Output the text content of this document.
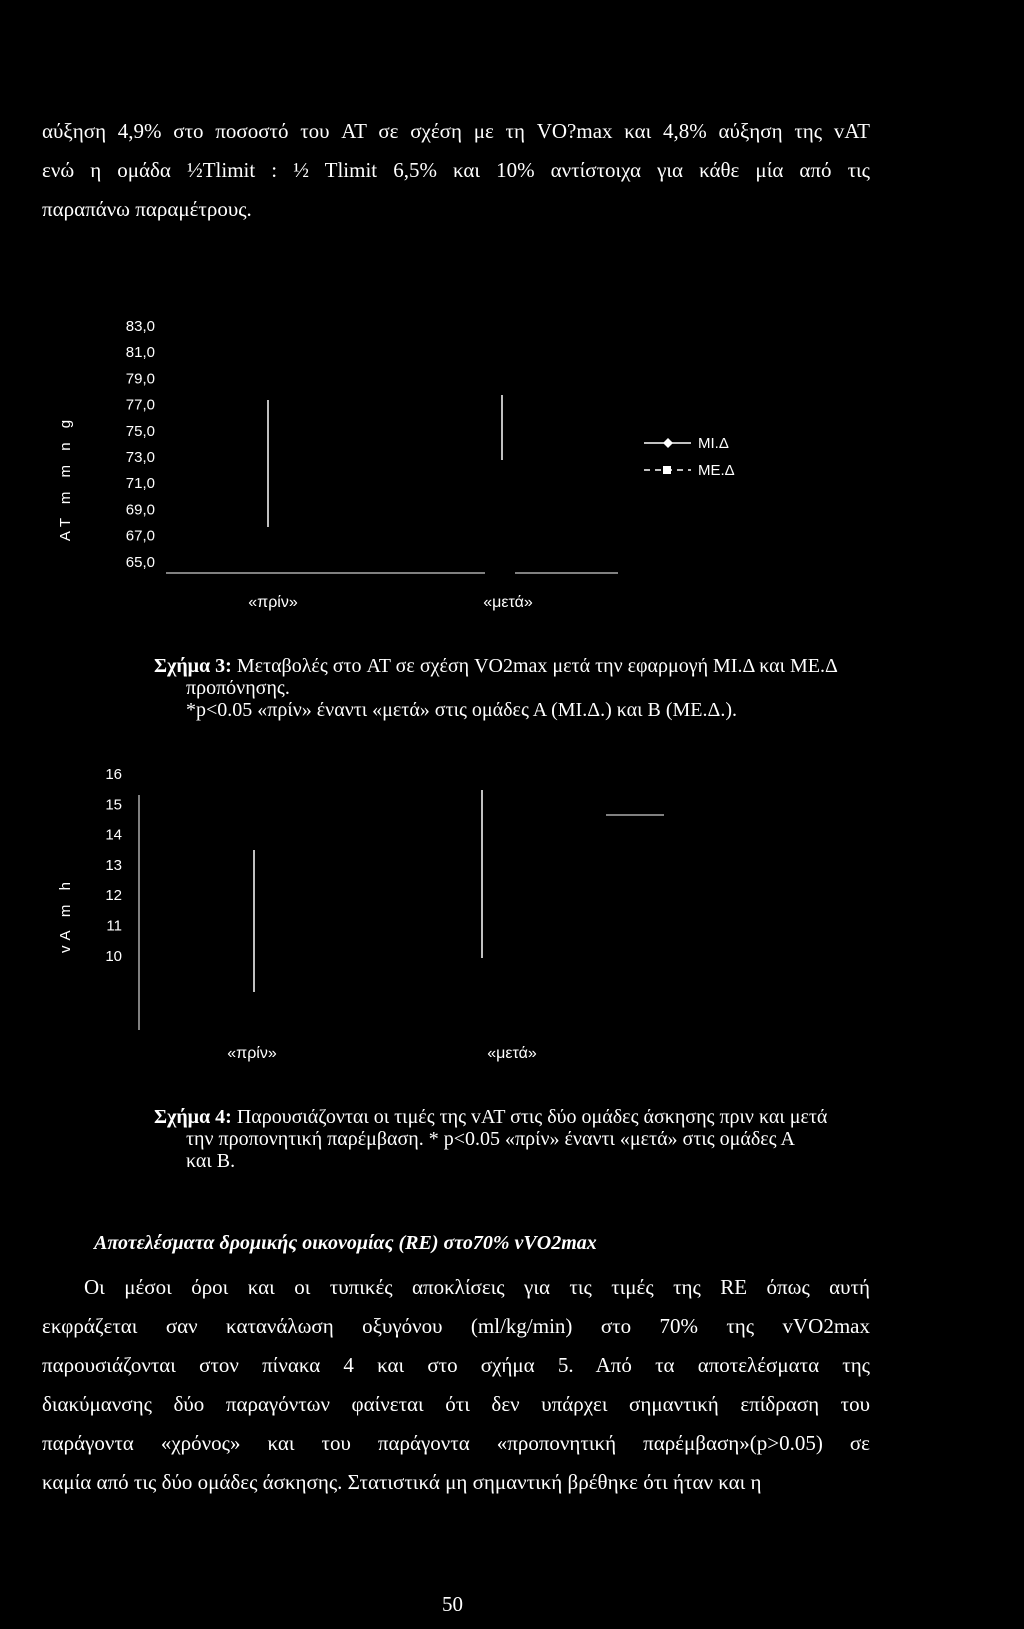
αύξηση 4,9% στο ποσοστό του AT σε σχέση με τη VO?max και 4,8% αύξηση της vAT
ενώ η ομάδα ½Tlimit : ½ Tlimit 6,5% και 10% αντίστοιχα για κάθε μία από τις
παραπάνω παραμέτρους.
83,0
81,0
79,0
77,0
75,0
73,0
71,0
69,0
67,0
65,0
AT m m n g
«πρίν»	«μετά»
ΜΙ.Δ
ΜΕ.Δ
16
15
14
13
12
11
10
vA m h
«πρίν»	«μετά»
Σχήμα 3: Μεταβολές στο AT σε σχέση VO2max μετά την εφαρμογή ΜΙ.Δ και ΜΕ.Δ
προπόνησης.
*p<0.05 «πρίν» έναντι «μετά» στις ομάδες Α (ΜΙ.Δ.) και Β (ΜΕ.Δ.).
Σχήμα 4: Παρουσιάζονται οι τιμές της vAT στις δύο ομάδες άσκησης πριν και μετά
την προπονητική παρέμβαση. * p<0.05 «πρίν» έναντι «μετά» στις ομάδες Α
και Β.
Αποτελέσματα δρομικής οικονομίας (RE) στο70% vVO2max
Οι μέσοι όροι και οι τυπικές αποκλίσεις για τις τιμές της RE όπως αυτή
εκφράζεται σαν κατανάλωση οξυγόνου (ml/kg/min) στο 70% της vVO2max
παρουσιάζονται στον πίνακα 4 και στο σχήμα 5. Από τα αποτελέσματα της
διακύμανσης δύο παραγόντων φαίνεται ότι δεν υπάρχει σημαντική επίδραση του
παράγοντα «χρόνος» και του παράγοντα «προπονητική παρέμβαση»(p>0.05) σε
καμία από τις δύο ομάδες άσκησης. Στατιστικά μη σημαντική βρέθηκε ότι ήταν και η
50
